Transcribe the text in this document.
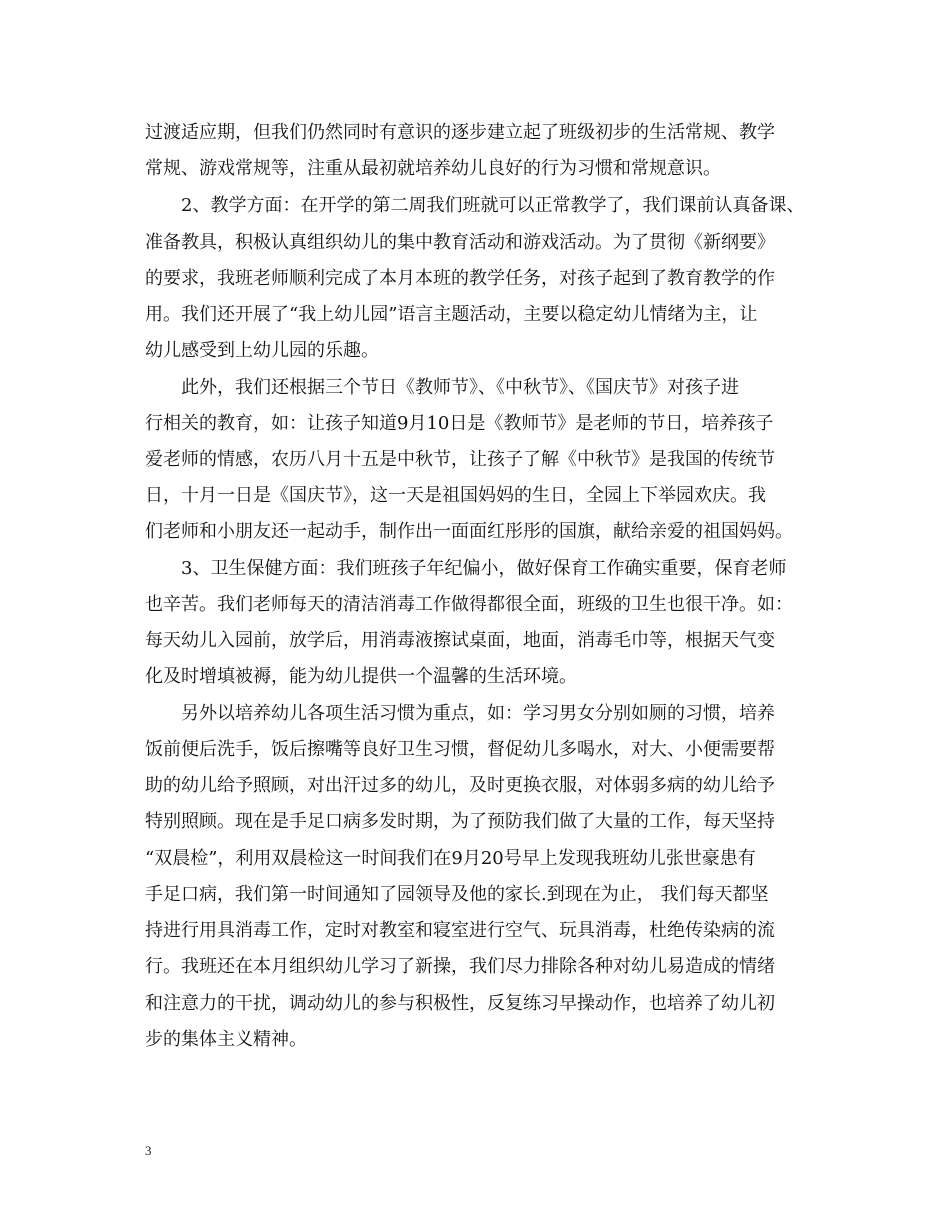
过渡适应期，但我们仍然同时有意识的逐步建立起了班级初步的生活常规、教学
常规、游戏常规等，注重从最初就培养幼儿良好的行为习惯和常规意识。
　　2、教学方面：在开学的第二周我们班就可以正常教学了，我们课前认真备课、
准备教具，积极认真组织幼儿的集中教育活动和游戏活动。为了贯彻《新纲要》
的要求，我班老师顺利完成了本月本班的教学任务，对孩子起到了教育教学的作
用。我们还开展了“我上幼儿园”语言主题活动，主要以稳定幼儿情绪为主，让
幼儿感受到上幼儿园的乐趣。
　　此外，我们还根据三个节日《教师节》、《中秋节》、《国庆节》对孩子进
行相关的教育，如：让孩子知道9月10日是《教师节》是老师的节日，培养孩子
爱老师的情感，农历八月十五是中秋节，让孩子了解《中秋节》是我国的传统节
日，十月一日是《国庆节》，这一天是祖国妈妈的生日，全园上下举园欢庆。我
们老师和小朋友还一起动手，制作出一面面红彤彤的国旗，献给亲爱的祖国妈妈。
　　3、卫生保健方面：我们班孩子年纪偏小，做好保育工作确实重要，保育老师
也辛苦。我们老师每天的清洁消毒工作做得都很全面，班级的卫生也很干净。如：
每天幼儿入园前，放学后，用消毒液擦试桌面，地面，消毒毛巾等，根据天气变
化及时增填被褥，能为幼儿提供一个温馨的生活环境。
　　另外以培养幼儿各项生活习惯为重点，如：学习男女分别如厕的习惯，培养
饭前便后洗手，饭后擦嘴等良好卫生习惯，督促幼儿多喝水，对大、小便需要帮
助的幼儿给予照顾，对出汗过多的幼儿，及时更换衣服，对体弱多病的幼儿给予
特别照顾。现在是手足口病多发时期，为了预防我们做了大量的工作，每天坚持
“双晨检”，利用双晨检这一时间我们在9月20号早上发现我班幼儿张世豪患有
手足口病，我们第一时间通知了园领导及他的家长.到现在为止， 我们每天都坚
持进行用具消毒工作，定时对教室和寝室进行空气、玩具消毒，杜绝传染病的流
行。我班还在本月组织幼儿学习了新操，我们尽力排除各种对幼儿易造成的情绪
和注意力的干扰，调动幼儿的参与积极性，反复练习早操动作，也培养了幼儿初
步的集体主义精神。
3
